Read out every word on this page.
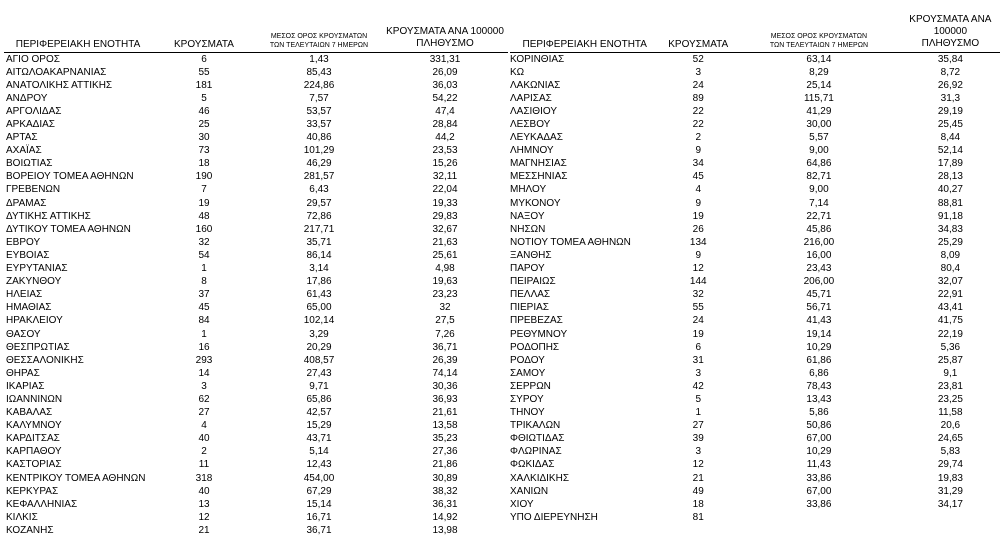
ΠΕΡΙΦΕΡΕΙΑΚΗ ΕΝΟΤΗΤΑ	ΚΡΟΥΣΜΑΤΑ	ΜΕΣΟΣ ΟΡΟΣ ΚΡΟΥΣΜΑΤΩΝ
ΤΩΝ ΤΕΛΕΥΤΑΙΩΝ 7 ΗΜΕΡΩΝ	ΚΡΟΥΣΜΑΤΑ ΑΝΑ 100000
ΠΛΗΘΥΣΜΟ
ΑΓΙΟ ΟΡΟΣ	6	1,43	331,31
ΑΙΤΩΛΟΑΚΑΡΝΑΝΙΑΣ	55	85,43	26,09
ΑΝΑΤΟΛΙΚΗΣ ΑΤΤΙΚΗΣ	181	224,86	36,03
ΑΝΔΡΟΥ	5	7,57	54,22
ΑΡΓΟΛΙΔΑΣ	46	53,57	47,4
ΑΡΚΑΔΙΑΣ	25	33,57	28,84
ΑΡΤΑΣ	30	40,86	44,2
ΑΧΑΪΑΣ	73	101,29	23,53
ΒΟΙΩΤΙΑΣ	18	46,29	15,26
ΒΟΡΕΙΟΥ ΤΟΜΕΑ ΑΘΗΝΩΝ	190	281,57	32,11
ΓΡΕΒΕΝΩΝ	7	6,43	22,04
ΔΡΑΜΑΣ	19	29,57	19,33
ΔΥΤΙΚΗΣ ΑΤΤΙΚΗΣ	48	72,86	29,83
ΔΥΤΙΚΟΥ ΤΟΜΕΑ ΑΘΗΝΩΝ	160	217,71	32,67
ΕΒΡΟΥ	32	35,71	21,63
ΕΥΒΟΙΑΣ	54	86,14	25,61
ΕΥΡΥΤΑΝΙΑΣ	1	3,14	4,98
ΖΑΚΥΝΘΟΥ	8	17,86	19,63
ΗΛΕΙΑΣ	37	61,43	23,23
ΗΜΑΘΙΑΣ	45	65,00	32
ΗΡΑΚΛΕΙΟΥ	84	102,14	27,5
ΘΑΣΟΥ	1	3,29	7,26
ΘΕΣΠΡΩΤΙΑΣ	16	20,29	36,71
ΘΕΣΣΑΛΟΝΙΚΗΣ	293	408,57	26,39
ΘΗΡΑΣ	14	27,43	74,14
ΙΚΑΡΙΑΣ	3	9,71	30,36
ΙΩΑΝΝΙΝΩΝ	62	65,86	36,93
ΚΑΒΑΛΑΣ	27	42,57	21,61
ΚΑΛΥΜΝΟΥ	4	15,29	13,58
ΚΑΡΔΙΤΣΑΣ	40	43,71	35,23
ΚΑΡΠΑΘΟΥ	2	5,14	27,36
ΚΑΣΤΟΡΙΑΣ	11	12,43	21,86
ΚΕΝΤΡΙΚΟΥ ΤΟΜΕΑ ΑΘΗΝΩΝ	318	454,00	30,89
ΚΕΡΚΥΡΑΣ	40	67,29	38,32
ΚΕΦΑΛΛΗΝΙΑΣ	13	15,14	36,31
ΚΙΛΚΙΣ	12	16,71	14,92
ΚΟΖΑΝΗΣ	21	36,71	13,98
ΠΕΡΙΦΕΡΕΙΑΚΗ ΕΝΟΤΗΤΑ	ΚΡΟΥΣΜΑΤΑ	ΜΕΣΟΣ ΟΡΟΣ ΚΡΟΥΣΜΑΤΩΝ
ΤΩΝ ΤΕΛΕΥΤΑΙΩΝ 7 ΗΜΕΡΩΝ	ΚΡΟΥΣΜΑΤΑ ΑΝΑ 100000
ΠΛΗΘΥΣΜΟ
ΚΟΡΙΝΘΙΑΣ	52	63,14	35,84
ΚΩ	3	8,29	8,72
ΛΑΚΩΝΙΑΣ	24	25,14	26,92
ΛΑΡΙΣΑΣ	89	115,71	31,3
ΛΑΣΙΘΙΟΥ	22	41,29	29,19
ΛΕΣΒΟΥ	22	30,00	25,45
ΛΕΥΚΑΔΑΣ	2	5,57	8,44
ΛΗΜΝΟΥ	9	9,00	52,14
ΜΑΓΝΗΣΙΑΣ	34	64,86	17,89
ΜΕΣΣΗΝΙΑΣ	45	82,71	28,13
ΜΗΛΟΥ	4	9,00	40,27
ΜΥΚΟΝΟΥ	9	7,14	88,81
ΝΑΞΟΥ	19	22,71	91,18
ΝΗΣΩΝ	26	45,86	34,83
ΝΟΤΙΟΥ ΤΟΜΕΑ ΑΘΗΝΩΝ	134	216,00	25,29
ΞΑΝΘΗΣ	9	16,00	8,09
ΠΑΡΟΥ	12	23,43	80,4
ΠΕΙΡΑΙΩΣ	144	206,00	32,07
ΠΕΛΛΑΣ	32	45,71	22,91
ΠΙΕΡΙΑΣ	55	56,71	43,41
ΠΡΕΒΕΖΑΣ	24	41,43	41,75
ΡΕΘΥΜΝΟΥ	19	19,14	22,19
ΡΟΔΟΠΗΣ	6	10,29	5,36
ΡΟΔΟΥ	31	61,86	25,87
ΣΑΜΟΥ	3	6,86	9,1
ΣΕΡΡΩΝ	42	78,43	23,81
ΣΥΡΟΥ	5	13,43	23,25
ΤΗΝΟΥ	1	5,86	11,58
ΤΡΙΚΑΛΩΝ	27	50,86	20,6
ΦΘΙΩΤΙΔΑΣ	39	67,00	24,65
ΦΛΩΡΙΝΑΣ	3	10,29	5,83
ΦΩΚΙΔΑΣ	12	11,43	29,74
ΧΑΛΚΙΔΙΚΗΣ	21	33,86	19,83
ΧΑΝΙΩΝ	49	67,00	31,29
ΧΙΟΥ	18	33,86	34,17
ΥΠΟ ΔΙΕΡΕΥΝΗΣΗ	81		
